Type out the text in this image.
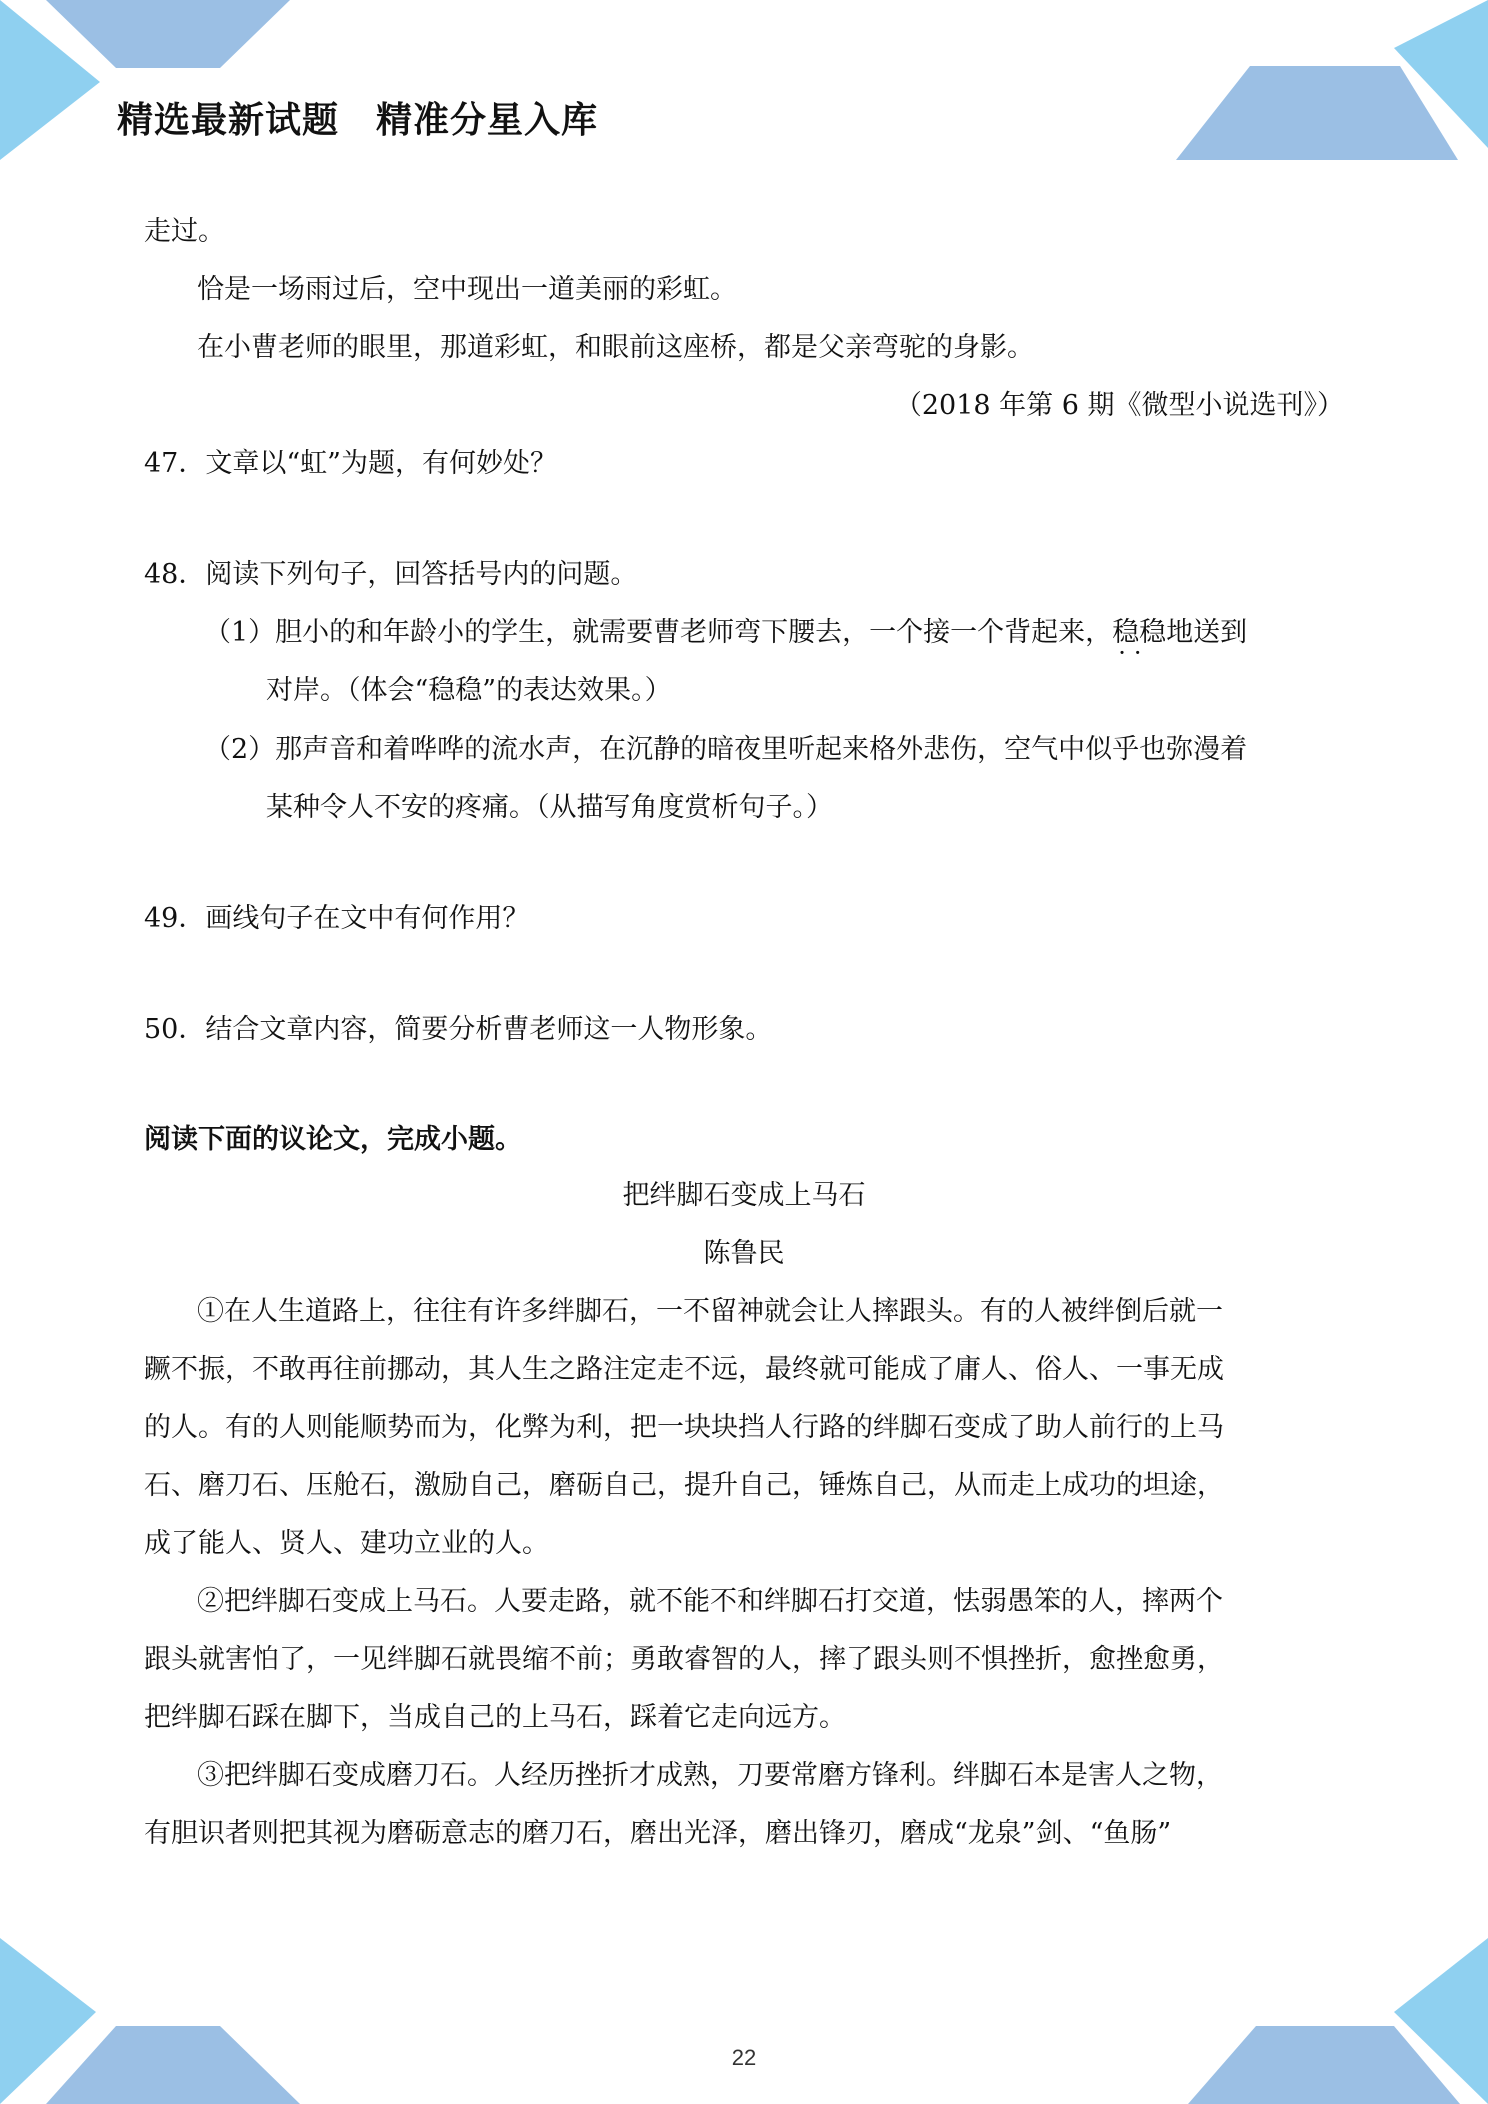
精选最新试题　精准分星入库
走过。
恰是一场雨过后，空中现出一道美丽的彩虹。
在小曹老师的眼里，那道彩虹，和眼前这座桥，都是父亲弯驼的身影。
（2018 年第 6 期《微型小说选刊》）
47．文章以“虹”为题，有何妙处？
48．阅读下列句子，回答括号内的问题。
（1）胆小的和年龄小的学生，就需要曹老师弯下腰去，一个接一个背起来，稳稳 ··地送到
对岸。（体会“稳稳”的表达效果。）
（2）那声音和着哗哗的流水声，在沉静的暗夜里听起来格外悲伤，空气中似乎也弥漫着
某种令人不安的疼痛。（从描写角度赏析句子。）
49．画线句子在文中有何作用？
50．结合文章内容，简要分析曹老师这一人物形象。
阅读下面的议论文，完成小题。
把绊脚石变成上马石
陈鲁民
①在人生道路上，往往有许多绊脚石，一不留神就会让人摔跟头。有的人被绊倒后就一
蹶不振，不敢再往前挪动，其人生之路注定走不远，最终就可能成了庸人、俗人、一事无成
的人。有的人则能顺势而为，化弊为利，把一块块挡人行路的绊脚石变成了助人前行的上马
石、磨刀石、压舱石，激励自己，磨砺自己，提升自己，锤炼自己，从而走上成功的坦途，
成了能人、贤人、建功立业的人。
②把绊脚石变成上马石。人要走路，就不能不和绊脚石打交道，怯弱愚笨的人，摔两个
跟头就害怕了，一见绊脚石就畏缩不前；勇敢睿智的人，摔了跟头则不惧挫折，愈挫愈勇，
把绊脚石踩在脚下，当成自己的上马石，踩着它走向远方。
③把绊脚石变成磨刀石。人经历挫折才成熟，刀要常磨方锋利。绊脚石本是害人之物，
有胆识者则把其视为磨砺意志的磨刀石，磨出光泽，磨出锋刃，磨成“龙泉”剑、“鱼肠”
22
